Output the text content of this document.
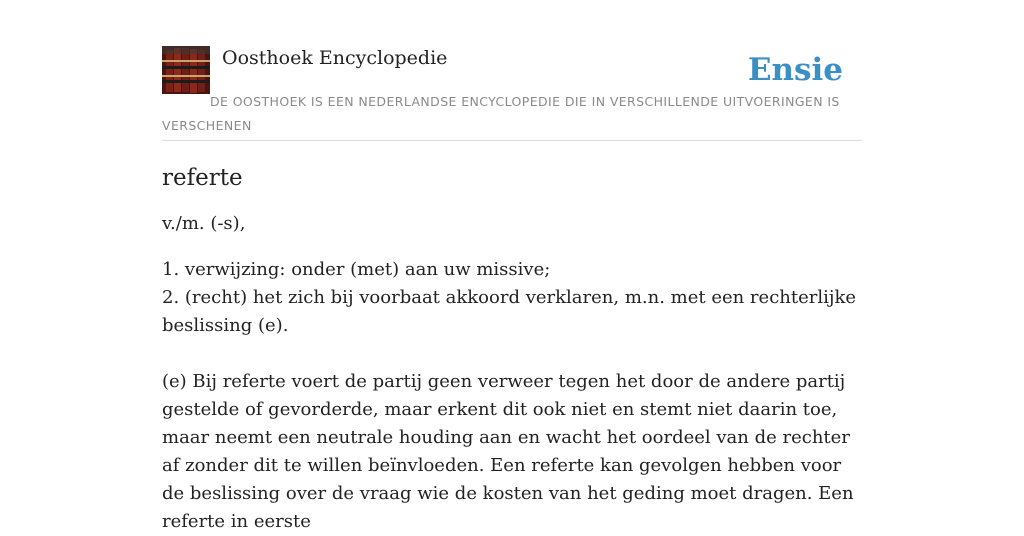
Oosthoek Encyclopedie	Ensie
DE OOSTHOEK IS EEN NEDERLANDSE ENCYCLOPEDIE DIE IN VERSCHILLENDE UITVOERINGEN IS VERSCHENEN
referte

v./m. (-s),

1. verwijzing: onder (met) aan uw missive;

2. (recht) het zich bij voorbaat akkoord verklaren, m.n. met een rechterlijke beslissing (e).

(e) Bij referte voert de partij geen verweer tegen het door de andere partij gestelde of gevorderde, maar erkent dit ook niet en stemt niet daarin toe, maar neemt een neutrale houding aan en wacht het oordeel van de rechter af zonder dit te willen beïnvloeden. Een referte kan gevolgen hebben voor de beslissing over de vraag wie de kosten van het geding moet dragen. Een referte in eerste
